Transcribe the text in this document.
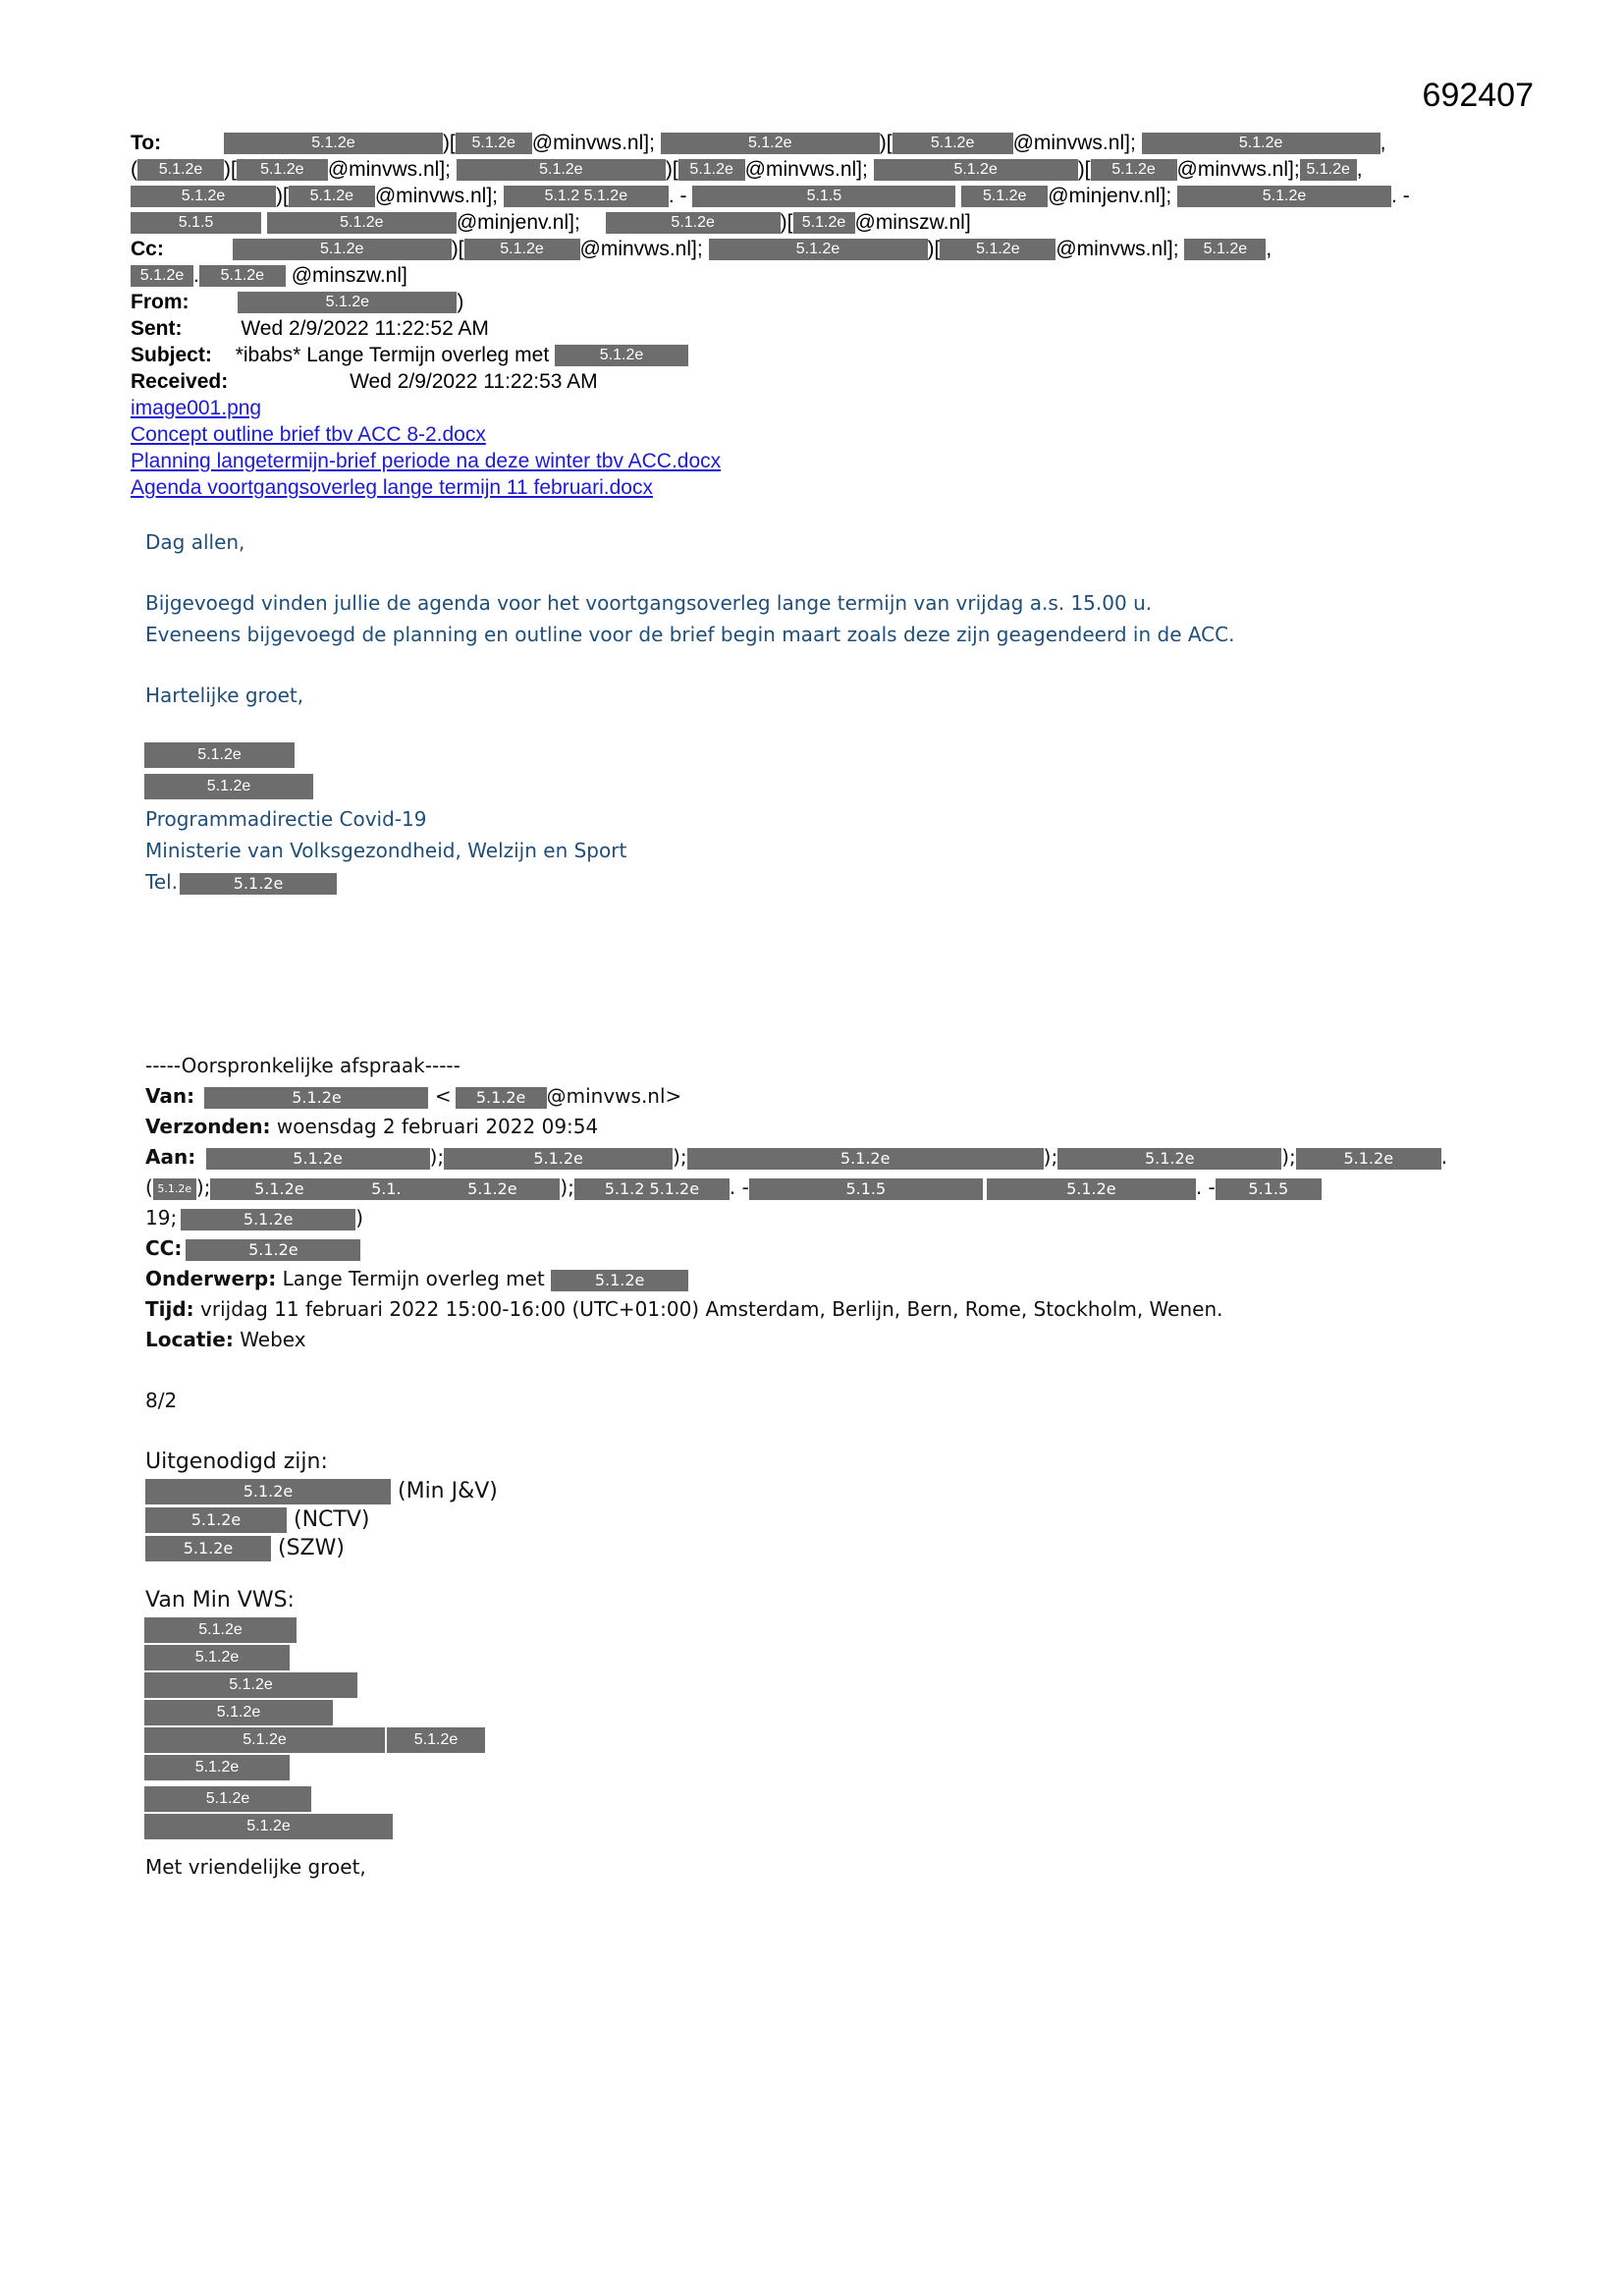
692407
To:	5.1.2e	)[ 5.1.2e @minvws.nl];	5.1.2e	)[ 5.1.2e @minvws.nl];	5.1.2e	,
( 5.1.2e )[ 5.1.2e @minvws.nl];	5.1.2e	)[ 5.1.2e @minvws.nl];	5.1.2e	)[ 5.1.2e @minvws.nl]; 5.1.2e ,
5.1.2e )[ 5.1.2e @minvws.nl];	5.1.2 5.1.2e . -	5.1.5	5.1.2e @minjenv.nl];	5.1.2e	. -
5.1.5	5.1.2e	@minjenv.nl];	5.1.2e	)[ 5.1.2e @minszw.nl]
Cc:	5.1.2e	)[ 5.1.2e @minvws.nl];	5.1.2e	)[ 5.1.2e @minvws.nl]; 5.1.2e ,
5.1.2e . 5.1.2e @minszw.nl]
From:	5.1.2e	)
Sent:	Wed 2/9/2022 11:22:52 AM
Subject: *ibabs* Lange Termijn overleg met	5.1.2e
Received:	Wed 2/9/2022 11:22:53 AM
image001.png
Concept outline brief tbv ACC 8-2.docx
Planning langetermijn-brief periode na deze winter tbv ACC.docx
Agenda voortgangsoverleg lange termijn 11 februari.docx
Dag allen,
Bijgevoegd vinden jullie de agenda voor het voortgangsoverleg lange termijn van vrijdag a.s. 15.00 u.
Eveneens bijgevoegd de planning en outline voor de brief begin maart zoals deze zijn geagendeerd in de ACC.
Hartelijke groet,
5.1.2e
5.1.2e
Programmadirectie Covid-19
Ministerie van Volksgezondheid, Welzijn en Sport
Tel.	5.1.2e
-----Oorspronkelijke afspraak-----
Van:	5.1.2e	< 5.1.2e @minvws.nl>
Verzonden: woensdag 2 februari 2022 09:54
Aan:	5.1.2e	);	5.1.2e	);	5.1.2e	);	5.1.2e	);	5.1.2e .
( 5.1.2e );	5.1.2e	5.1.	5.1.2e ); 5.1.2 5.1.2e . -	5.1.5	5.1.2e	. - 5.1.5
19;	5.1.2e	)
CC:	5.1.2e
Onderwerp: Lange Termijn overleg met	5.1.2e
Tijd: vrijdag 11 februari 2022 15:00-16:00 (UTC+01:00) Amsterdam, Berlijn, Bern, Rome, Stockholm, Wenen.
Locatie: Webex
8/2
Uitgenodigd zijn:
5.1.2e	(Min J&V)
5.1.2e (NCTV)
5.1.2e (SZW)
Van Min VWS:
5.1.2e
5.1.2e
5.1.2e
5.1.2e
5.1.2e	5.1.2e
5.1.2e
5.1.2e
5.1.2e
Met vriendelijke groet,
